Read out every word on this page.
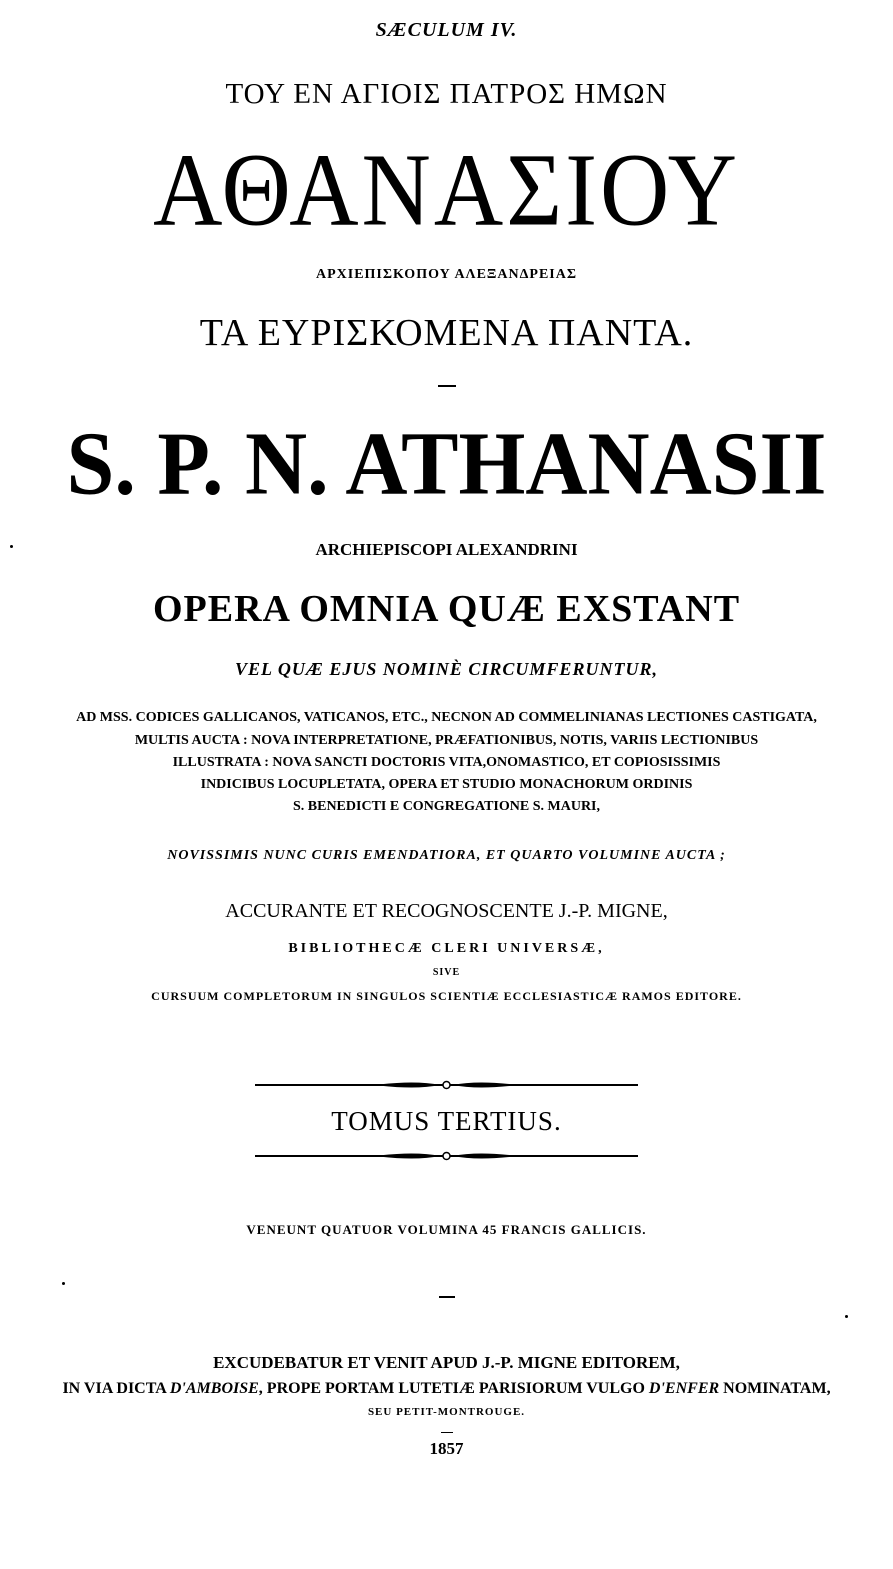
SÆCULUM IV.
ΤΟΥ ΕΝ ΑΓΙΟΙΣ ΠΑΤΡΟΣ ΗΜΩΝ
ΑΘΑΝΑΣΙΟΥ
ΑΡΧΙΕΠΙΣΚΟΠΟΥ ΑΛΕΞΑΝΔΡΕΙΑΣ
ΤΑ ΕΥΡΙΣΚΟΜΕΝΑ ΠΑΝΤΑ.
S. P. N. ATHANASII
ARCHIEPISCOPI ALEXANDRINI
OPERA OMNIA QUÆ EXSTANT
VEL QUÆ EJUS NOMINÈ CIRCUMFERUNTUR,
AD MSS. CODICES GALLICANOS, VATICANOS, ETC., NECNON AD COMMELINIANAS LECTIONES CASTIGATA,
MULTIS AUCTA : NOVA INTERPRETATIONE, PRÆFATIONIBUS, NOTIS, VARIIS LECTIONIBUS
ILLUSTRATA : NOVA SANCTI DOCTORIS VITA,ONOMASTICO, ET COPIOSISSIMIS
INDICIBUS LOCUPLETATA, OPERA ET STUDIO MONACHORUM ORDINIS
S. BENEDICTI E CONGREGATIONE S. MAURI,
NOVISSIMIS NUNC CURIS EMENDATIORA, ET QUARTO VOLUMINE AUCTA ;
ACCURANTE ET RECOGNOSCENTE J.-P. MIGNE,
BIBLIOTHECÆ CLERI UNIVERSÆ,
SIVE
CURSUUM COMPLETORUM IN SINGULOS SCIENTIÆ ECCLESIASTICÆ RAMOS EDITORE.
TOMUS TERTIUS.
VENEUNT QUATUOR VOLUMINA 45 FRANCIS GALLICIS.
EXCUDEBATUR ET VENIT APUD J.-P. MIGNE EDITOREM,
IN VIA DICTA D'AMBOISE, PROPE PORTAM LUTETIÆ PARISIORUM VULGO D'ENFER NOMINATAM,
SEU PETIT-MONTROUGE.
1857
